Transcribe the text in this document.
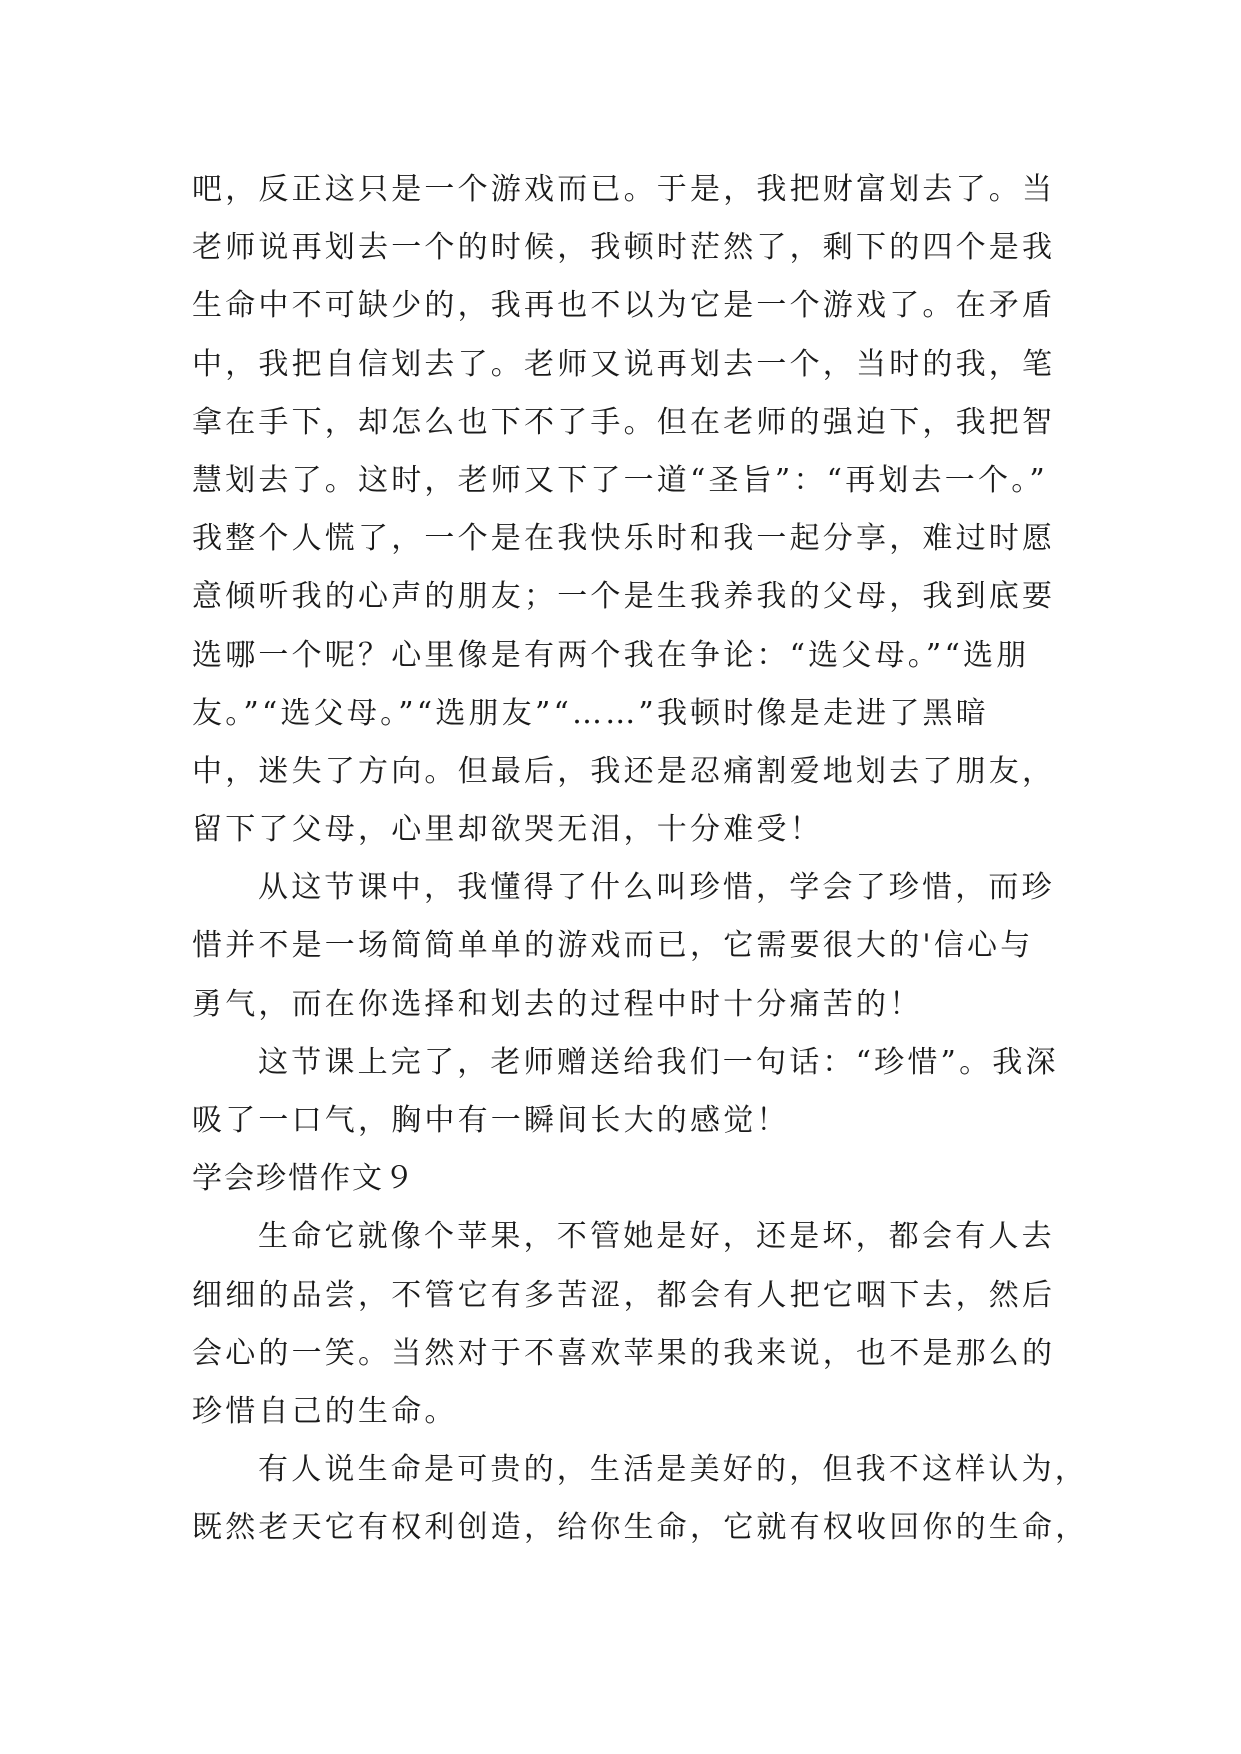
吧，反正这只是一个游戏而已。于是，我把财富划去了。当
老师说再划去一个的时候，我顿时茫然了，剩下的四个是我
生命中不可缺少的，我再也不以为它是一个游戏了。在矛盾
中，我把自信划去了。老师又说再划去一个，当时的我，笔
拿在手下，却怎么也下不了手。但在老师的强迫下，我把智
慧划去了。这时，老师又下了一道“圣旨”：“再划去一个。”
我整个人慌了，一个是在我快乐时和我一起分享，难过时愿
意倾听我的心声的朋友；一个是生我养我的父母，我到底要
选哪一个呢？心里像是有两个我在争论：“选父母。”“选朋
友。”“选父母。”“选朋友”“……”我顿时像是走进了黑暗
中，迷失了方向。但最后，我还是忍痛割爱地划去了朋友，
留下了父母，心里却欲哭无泪，十分难受！
从这节课中，我懂得了什么叫珍惜，学会了珍惜，而珍
惜并不是一场简简单单的游戏而已，它需要很大的'信心与
勇气，而在你选择和划去的过程中时十分痛苦的！
这节课上完了，老师赠送给我们一句话：“珍惜”。我深
吸了一口气，胸中有一瞬间长大的感觉！
学会珍惜作文９
生命它就像个苹果，不管她是好，还是坏，都会有人去
细细的品尝，不管它有多苦涩，都会有人把它咽下去，然后
会心的一笑。当然对于不喜欢苹果的我来说，也不是那么的
珍惜自己的生命。
有人说生命是可贵的，生活是美好的，但我不这样认为，
既然老天它有权利创造，给你生命，它就有权收回你的生命，
